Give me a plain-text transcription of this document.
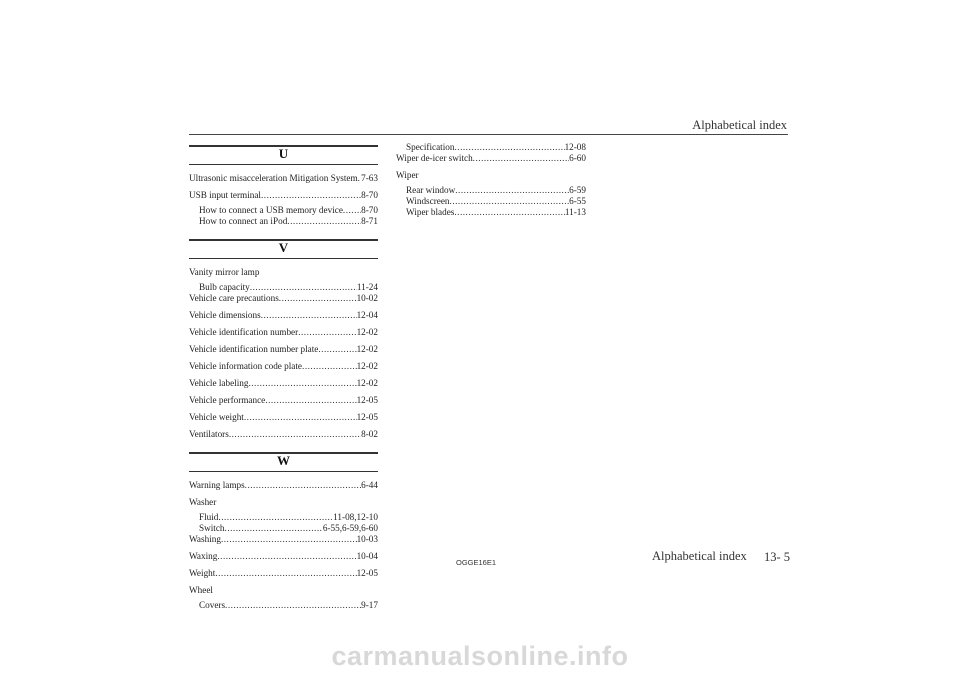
Alphabetical index
U
Ultrasonic misacceleration Mitigation System ..... 7-63
USB input terminal .....	8-70
How to connect a USB memory device ..... 8-70
How to connect an iPod .....	8-71
V
Vanity mirror lamp
Bulb capacity .....	11-24
Vehicle care precautions .....	10-02
Vehicle dimensions .....	12-04
Vehicle identification number .....	12-02
Vehicle identification number plate .....	12-02
Vehicle information code plate .....	12-02
Vehicle labeling .....	12-02
Vehicle performance .....	12-05
Vehicle weight .....	12-05
Ventilators .....	8-02
W
Warning lamps .....	6-44
Washer
Fluid .....	11-08,12-10
Switch .....	6-55,6-59,6-60
Washing .....	10-03
Waxing .....	10-04
Weight .....	12-05
Wheel
Covers .....	9-17
Specification .....	12-08
Wiper de-icer switch .....	6-60
Wiper
Rear window .....	6-59
Windscreen .....	6-55
Wiper blades .....	11-13
OGGE16E1	Alphabetical index 13- 5
carmanualsonline.info
